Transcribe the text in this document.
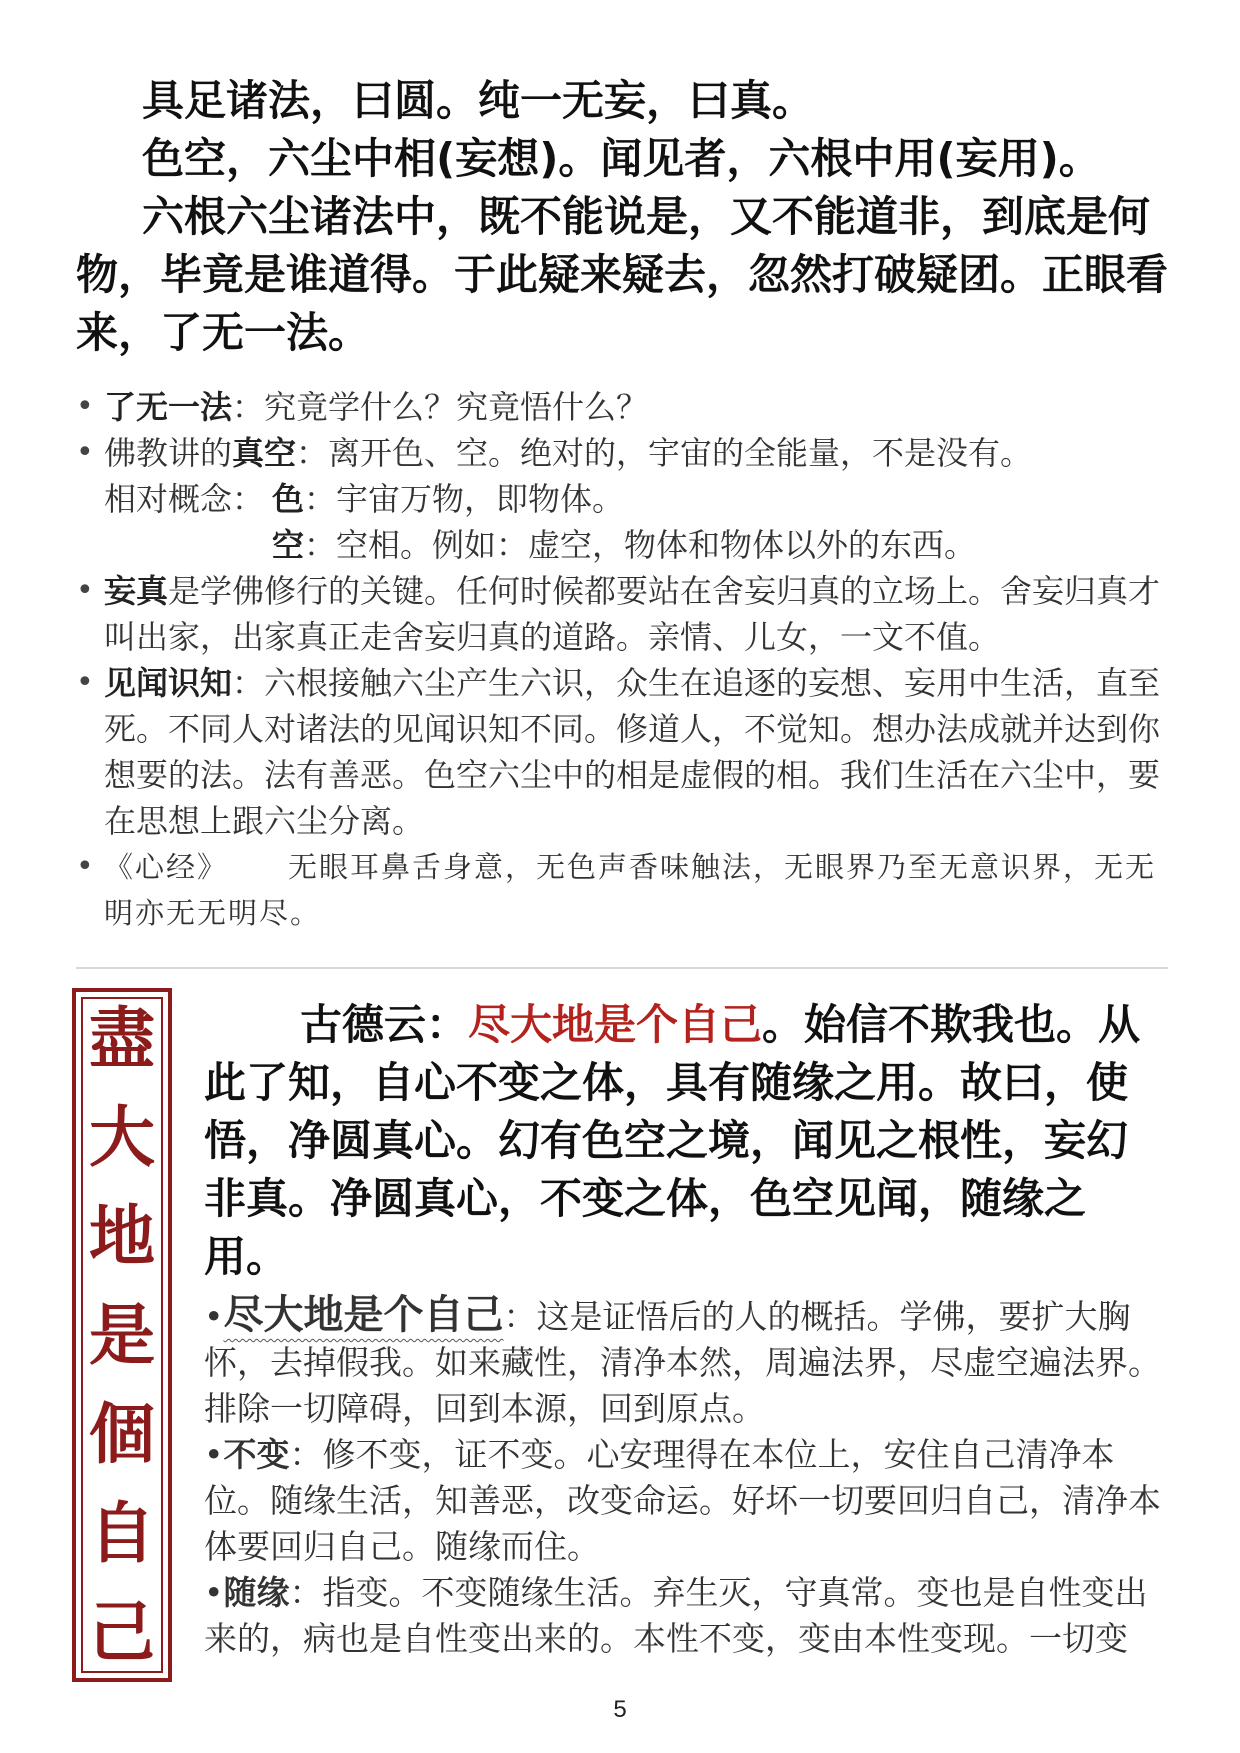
具足诸法，曰圆。纯一无妄，曰真。

色空，六尘中相(妄想)。闻见者，六根中用(妄用)。

六根六尘诸法中，既不能说是，又不能道非，到底是何物，毕竟是谁道得。于此疑来疑去，忽然打破疑团。正眼看来，了无一法。

• 了无一法：究竟学什么？究竟悟什么？
• 佛教讲的真空：离开色、空。绝对的，宇宙的全能量，不是没有。
相对概念： 色：宇宙万物，即物体。
空：空相。例如：虚空，物体和物体以外的东西。
• 妄真是学佛修行的关键。任何时候都要站在舍妄归真的立场上。舍妄归真才叫出家，出家真正走舍妄归真的道路。亲情、儿女，一文不值。
• 见闻识知：六根接触六尘产生六识，众生在追逐的妄想、妄用中生活，直至死。不同人对诸法的见闻识知不同。修道人，不觉知。想办法成就并达到你想要的法。法有善恶。色空六尘中的相是虚假的相。我们生活在六尘中，要在思想上跟六尘分离。
• 《心经》 无眼耳鼻舌身意，无色声香味触法，无眼界乃至无意识界，无无明亦无无明尽。
盡
大
地
是
個
自
己

古德云：尽大地是个自己。始信不欺我也。从此了知，自心不变之体，具有随缘之用。故曰，使悟，净圆真心。幻有色空之境，闻见之根性，妄幻非真。净圆真心，不变之体，色空见闻，随缘之用。

•尽大地是个自己：这是证悟后的人的概括。学佛，要扩大胸怀，去掉假我。如来藏性，清净本然，周遍法界，尽虚空遍法界。排除一切障碍，回到本源，回到原点。

•不变：修不变，证不变。心安理得在本位上，安住自己清净本位。随缘生活，知善恶，改变命运。好坏一切要回归自己，清净本体要回归自己。随缘而住。

•随缘：指变。不变随缘生活。弃生灭，守真常。变也是自性变出来的，病也是自性变出来的。本性不变，变由本性变现。一切变

5
